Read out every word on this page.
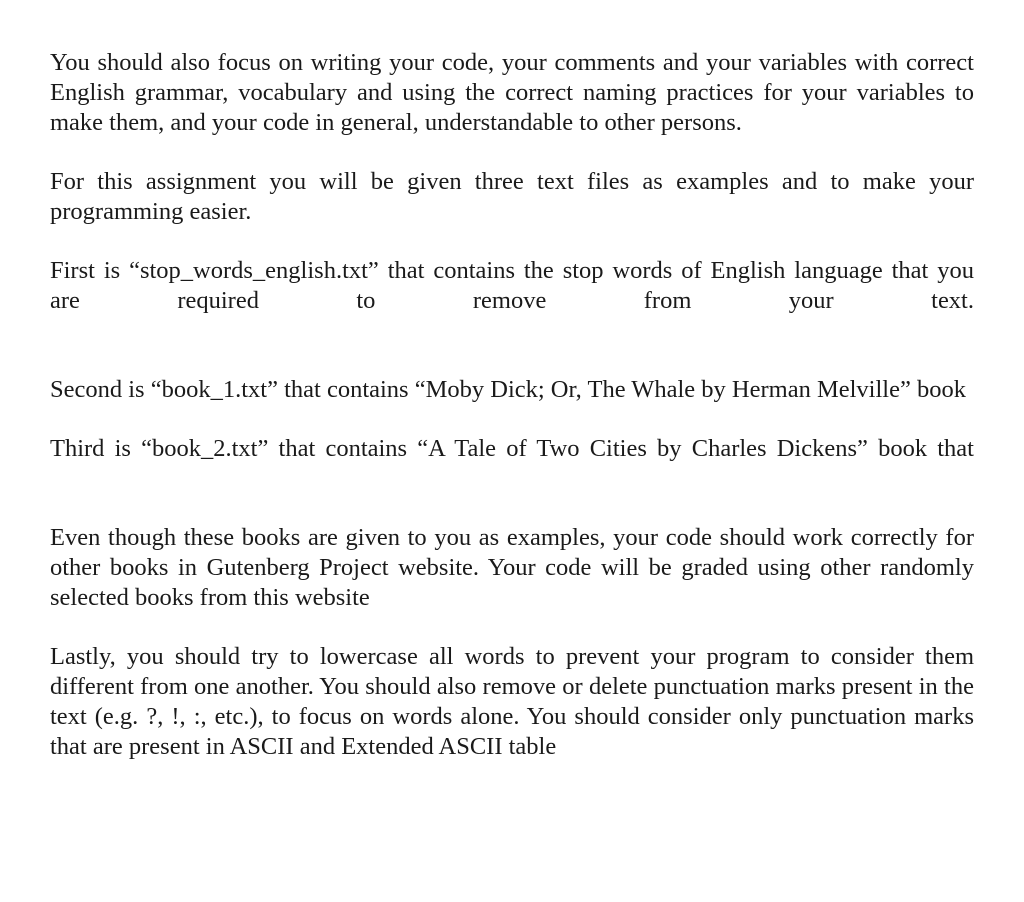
You should also focus on writing your code, your comments and your variables with correct English grammar, vocabulary and using the correct naming practices for your variables to make them, and your code in general, understandable to other persons.

For this assignment you will be given three text files as examples and to make your programming easier.

First is “stop_words_english.txt” that contains the stop words of English language that you are required to remove from your text.

Second is “book_1.txt” that contains “Moby Dick; Or, The Whale by Herman Melville” book

Third is “book_2.txt” that contains “A Tale of Two Cities by Charles Dickens” book that

Even though these books are given to you as examples, your code should work correctly for other books in Gutenberg Project website. Your code will be graded using other randomly selected books from this website

Lastly, you should try to lowercase all words to prevent your program to consider them different from one another. You should also remove or delete punctuation marks present in the text (e.g. ?, !, :, etc.), to focus on words alone. You should consider only punctuation marks that are present in ASCII and Extended ASCII table
